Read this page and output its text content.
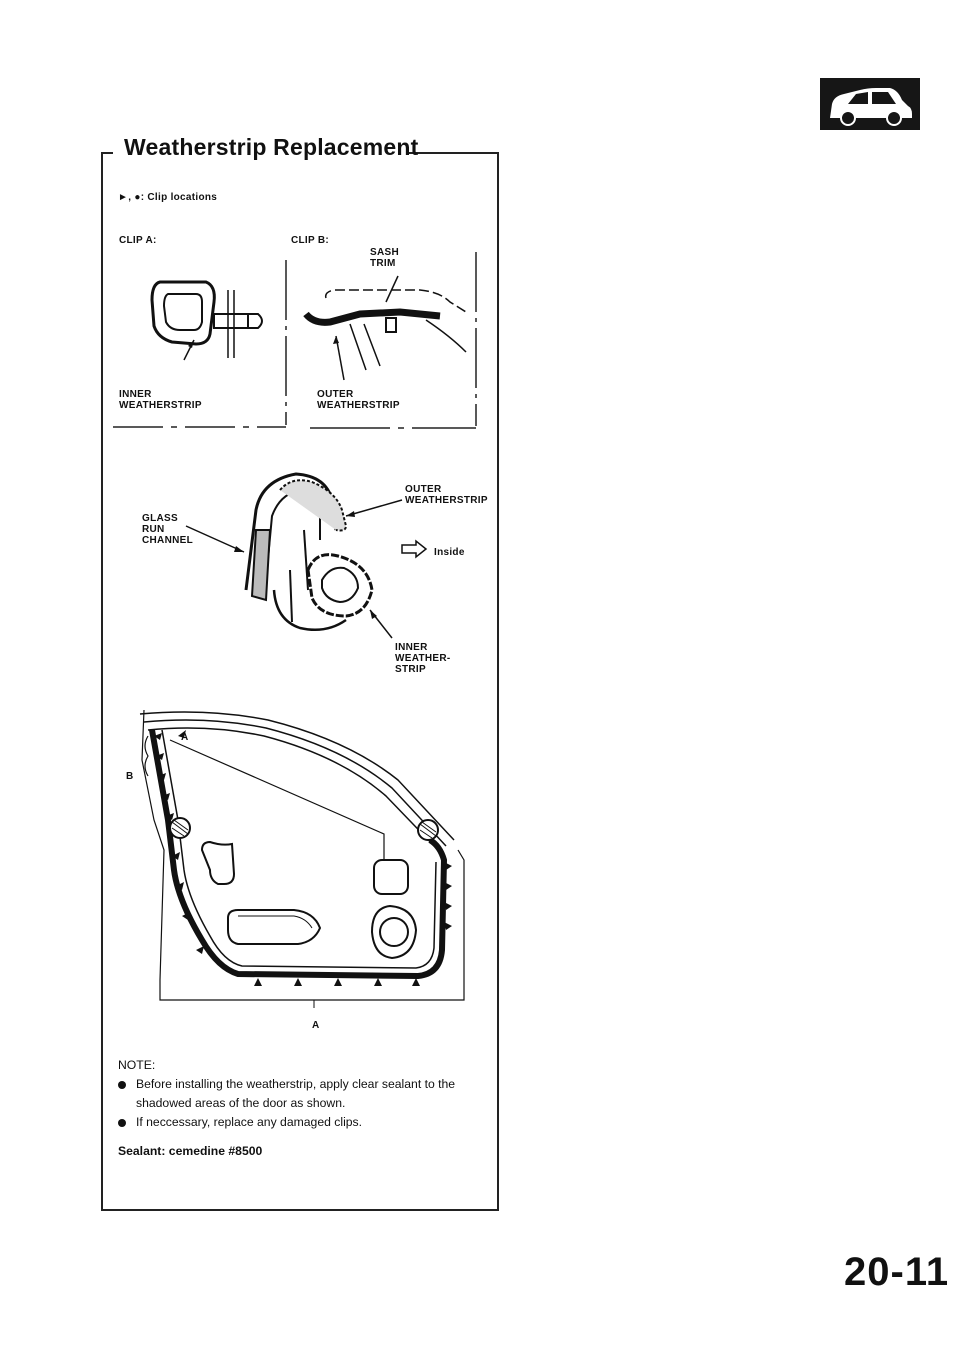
Weatherstrip Replacement
►, ●: Clip locations
CLIP A:
INNER
WEATHERSTRIP
CLIP B:
SASH
TRIM
OUTER
WEATHERSTRIP
GLASS
RUN
CHANNEL
OUTER
WEATHERSTRIP
Inside
INNER
WEATHER-
STRIP
A
B
A
NOTE:
Before installing the weatherstrip, apply clear sealant to the shadowed areas of the door as shown.
If neccessary, replace any damaged clips.
Sealant: cemedine #8500
20-11
